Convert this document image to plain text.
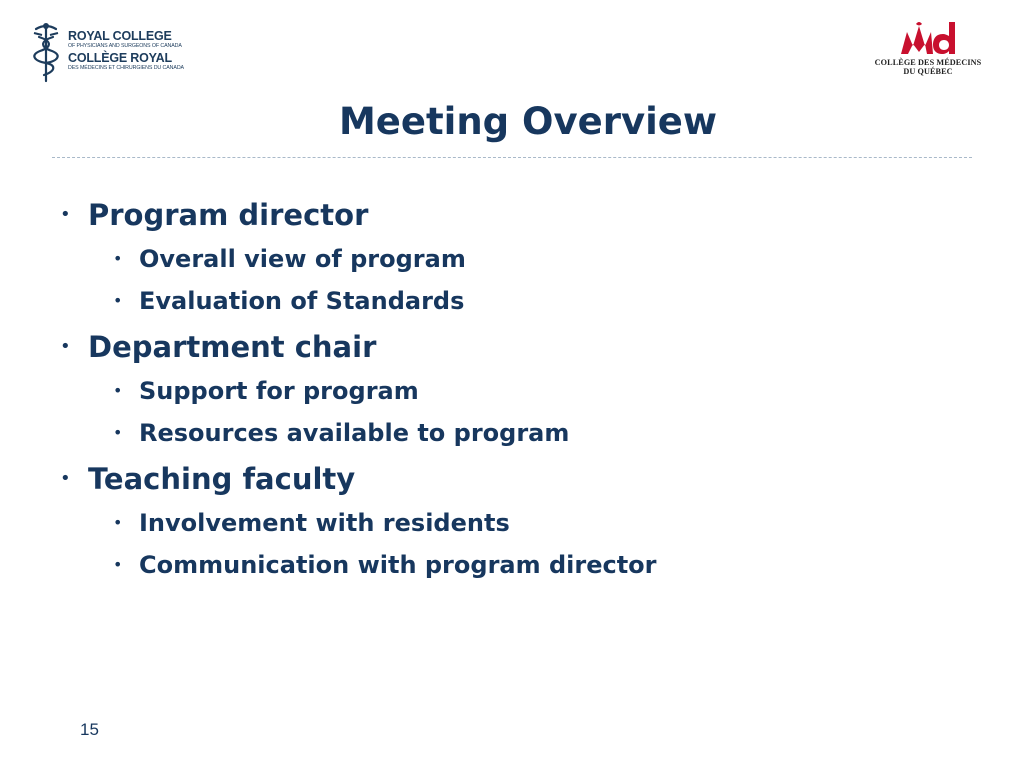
ROYAL COLLEGE
OF PHYSICIANS AND SURGEONS OF CANADA
COLLÈGE ROYAL
DES MÉDECINS ET CHIRURGIENS DU CANADA
COLLÈGE DES MÉDECINS
DU QUÉBEC
Meeting Overview
• Program director
• Overall view of program
• Evaluation of Standards
• Department chair
• Support for program
• Resources available to program
• Teaching faculty
• Involvement with residents
• Communication with program director
15
